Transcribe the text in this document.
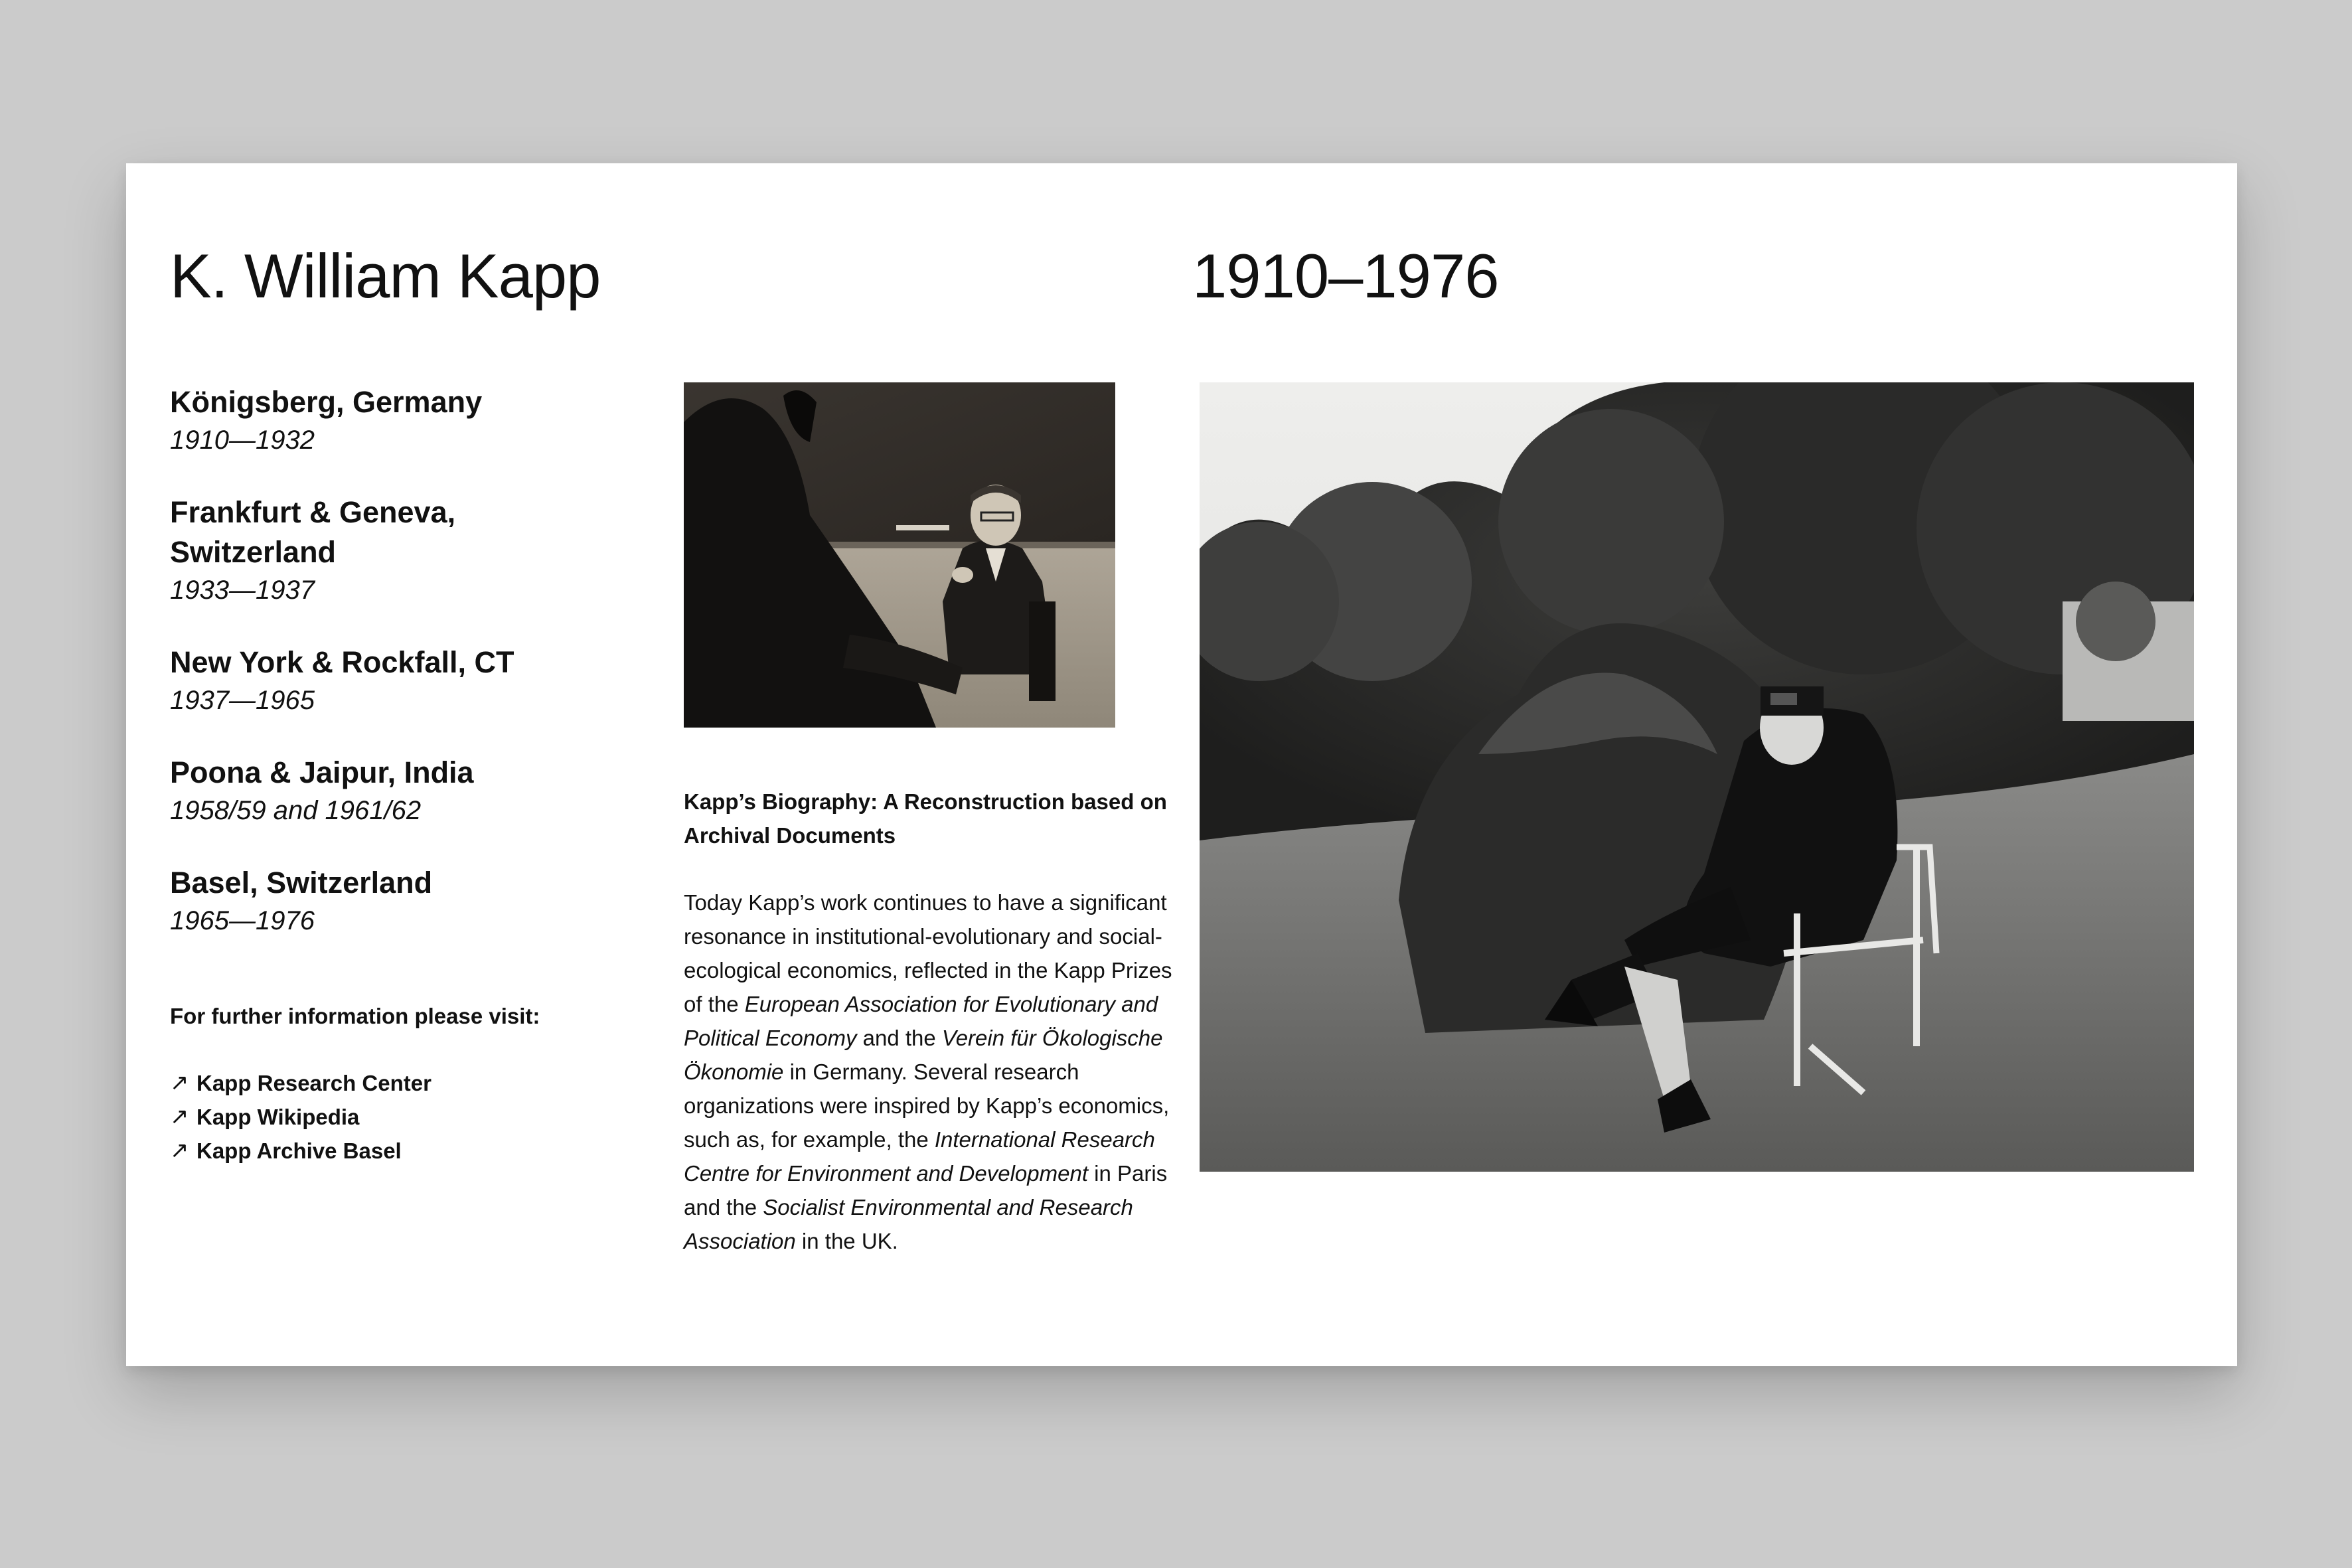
K. William Kapp	1910–1976
Königsberg, Germany
1910—1932
Frankfurt & Geneva, Switzerland
1933—1937
New York & Rockfall, CT
1937—1965
Poona & Jaipur, India
1958/59 and 1961/62
Basel, Switzerland
1965—1976

For further information please visit:

↗ Kapp Research Center
↗ Kapp Wikipedia
↗ Kapp Archive Basel
Kapp’s Biography: A Reconstruction based on Archival Documents

Today Kapp’s work continues to have a significant resonance in institutional-evolutionary and social-ecological economics, reflected in the Kapp Prizes of the European Association for Evolutionary and Political Economy and the Verein für Ökologische Ökonomie in Germany. Several research organizations were inspired by Kapp’s economics, such as, for example, the International Research Centre for Environment and Development in Paris and the Socialist Environmental and Research Association in the UK.
